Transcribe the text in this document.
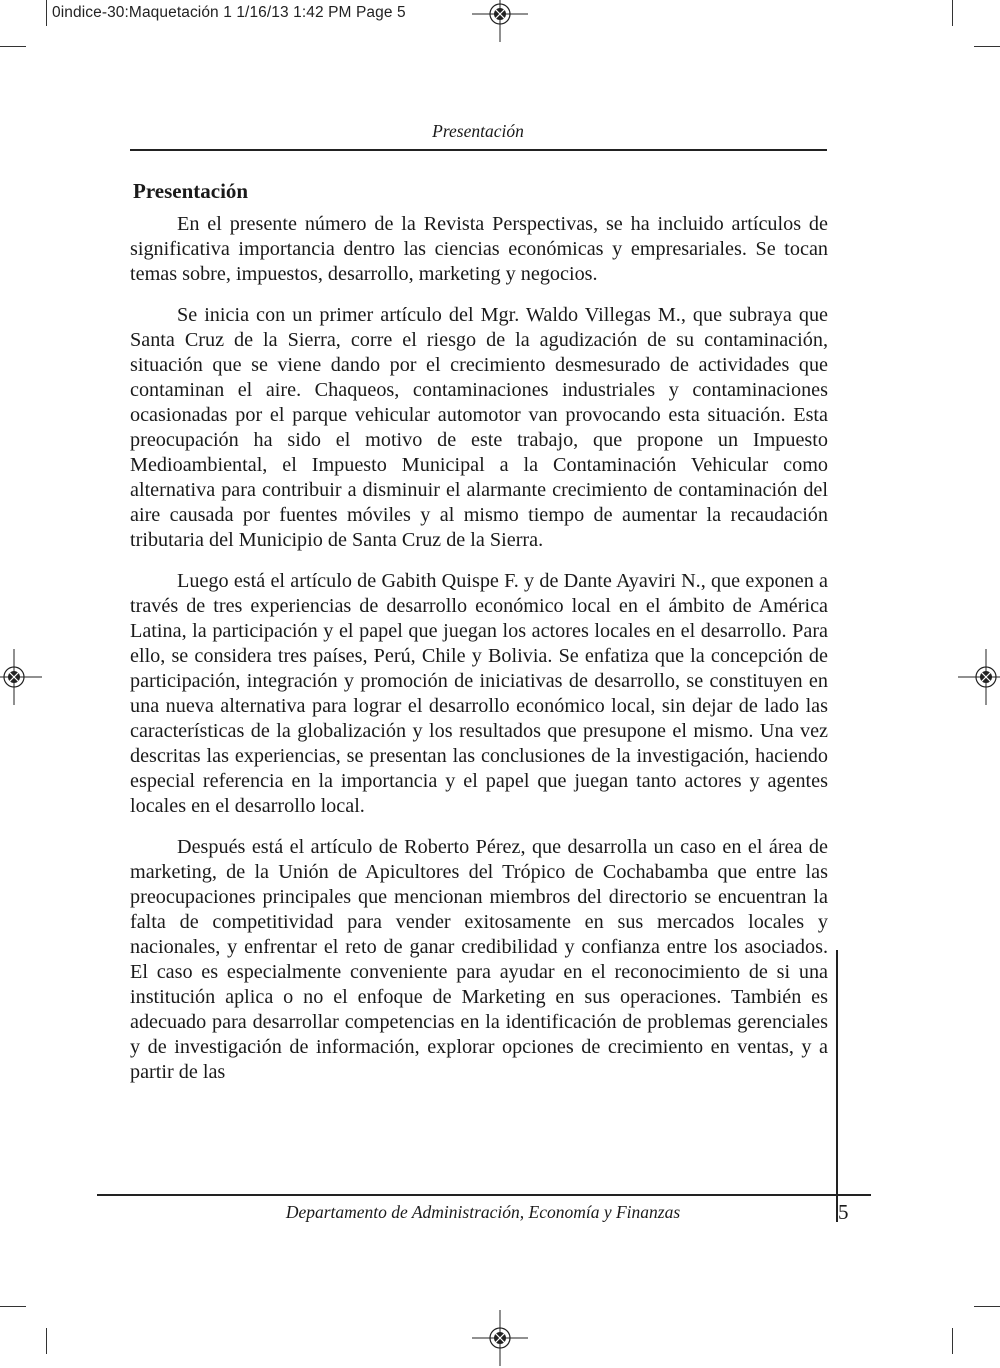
0indice-30:Maquetación 1 1/16/13 1:42 PM Page 5
Presentación
Presentación

En el presente número de la Revista Perspectivas, se ha incluido artículos de significativa importancia dentro las ciencias económicas y empresariales. Se tocan temas sobre, impuestos, desarrollo, marketing y negocios.

Se inicia con un primer artículo del Mgr. Waldo Villegas M., que subraya que Santa Cruz de la Sierra, corre el riesgo de la agudización de su contaminación, situación que se viene dando por el crecimiento desmesurado de actividades que contaminan el aire. Chaqueos, contaminaciones industriales y contaminaciones ocasionadas por el parque vehicular automotor van provocando esta situación. Esta preocupación ha sido el motivo de este trabajo, que propone un Impuesto Medioambiental, el Impuesto Municipal a la Contaminación Vehicular como alternativa para contribuir a disminuir el alarmante crecimiento de contaminación del aire causada por fuentes móviles y al mismo tiempo de aumentar la recaudación tributaria del Municipio de Santa Cruz de la Sierra.

Luego está el artículo de Gabith Quispe F. y de Dante Ayaviri N., que exponen a través de tres experiencias de desarrollo económico local en el ámbito de América Latina, la participación y el papel que juegan los actores locales en el desarrollo. Para ello, se considera tres países, Perú, Chile y Bolivia. Se enfatiza que la concepción de participación, integración y promoción de iniciativas de desarrollo, se constituyen en una nueva alternativa para lograr el desarrollo económico local, sin dejar de lado las características de la globalización y los resultados que presupone el mismo. Una vez descritas las experiencias, se presentan las conclusiones de la investigación, haciendo especial referencia en la importancia y el papel que juegan tanto actores y agentes locales en el desarrollo local.

Después está el artículo de Roberto Pérez, que desarrolla un caso en el área de marketing, de la Unión de Apicultores del Trópico de Cochabamba que entre las preocupaciones principales que mencionan miembros del directorio se encuentran la falta de competitividad para vender exitosamente en sus mercados locales y nacionales, y enfrentar el reto de ganar credibilidad y confianza entre los asociados. El caso es especialmente conveniente para ayudar en el reconocimiento de si una institución aplica o no el enfoque de Marketing en sus operaciones. También es adecuado para desarrollar competencias en la identificación de problemas gerenciales y de investigación de información, explorar opciones de crecimiento en ventas, y a partir de las

Departamento de Administración, Economía y Finanzas	5
